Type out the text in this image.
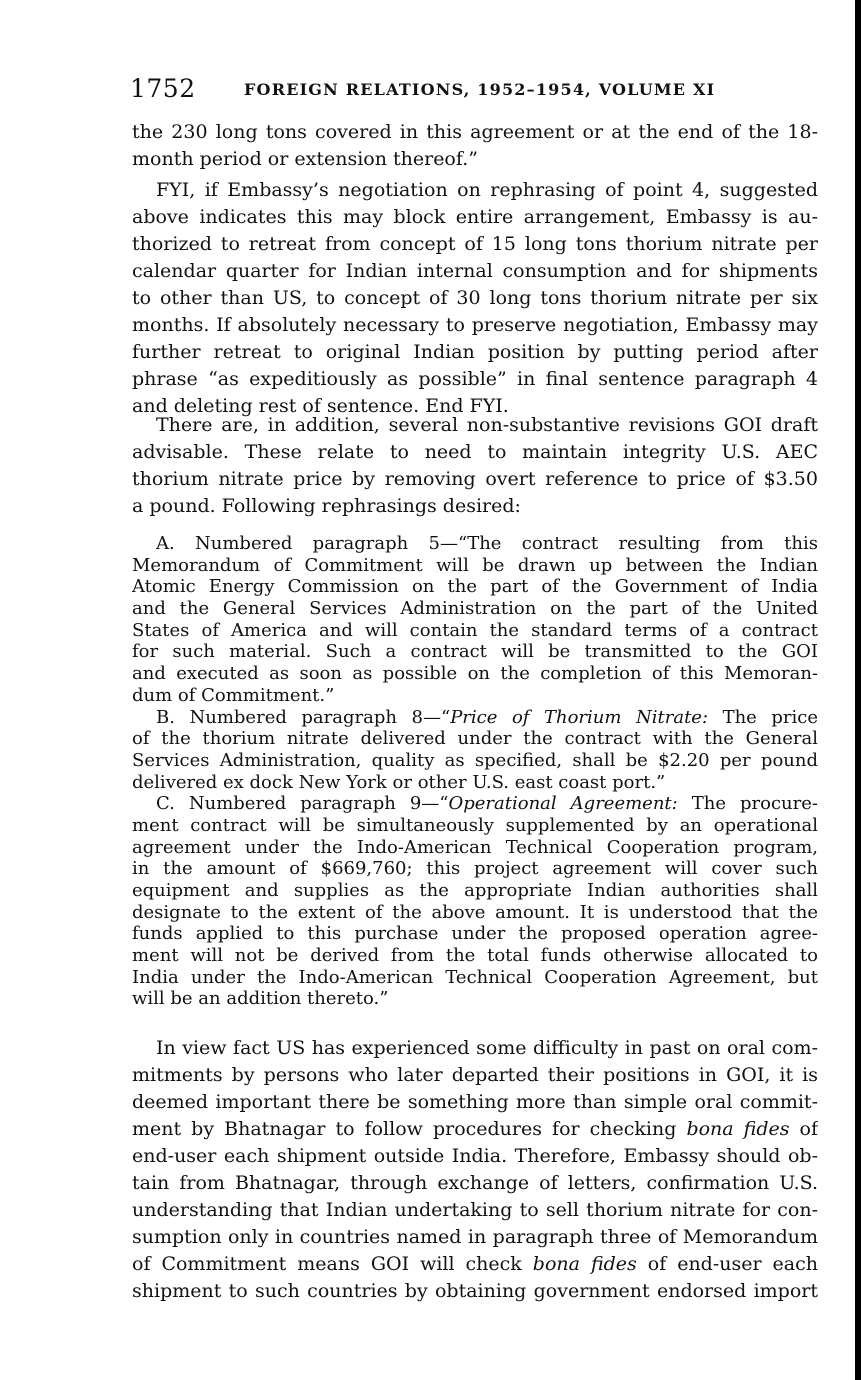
1752	FOREIGN RELATIONS, 1952–1954, VOLUME XI
the 230 long tons covered in this agreement or at the end of the 18-
month period or extension thereof.”
FYI, if Embassy’s negotiation on rephrasing of point 4, suggested
above indicates this may block entire arrangement, Embassy is au-
thorized to retreat from concept of 15 long tons thorium nitrate per
calendar quarter for Indian internal consumption and for shipments
to other than US, to concept of 30 long tons thorium nitrate per six
months. If absolutely necessary to preserve negotiation, Embassy may
further retreat to original Indian position by putting period after
phrase “as expeditiously as possible” in final sentence paragraph 4
and deleting rest of sentence. End FYI.
There are, in addition, several non-substantive revisions GOI draft
advisable. These relate to need to maintain integrity U.S. AEC
thorium nitrate price by removing overt reference to price of $3.50
a pound. Following rephrasings desired:
A. Numbered paragraph 5—“The contract resulting from this
Memorandum of Commitment will be drawn up between the Indian
Atomic Energy Commission on the part of the Government of India
and the General Services Administration on the part of the United
States of America and will contain the standard terms of a contract
for such material. Such a contract will be transmitted to the GOI
and executed as soon as possible on the completion of this Memoran-
dum of Commitment.”
B. Numbered paragraph 8—“Price of Thorium Nitrate: The price
of the thorium nitrate delivered under the contract with the General
Services Administration, quality as specified, shall be $2.20 per pound
delivered ex dock New York or other U.S. east coast port.”
C. Numbered paragraph 9—“Operational Agreement: The procure-
ment contract will be simultaneously supplemented by an operational
agreement under the Indo-American Technical Cooperation program,
in the amount of $669,760; this project agreement will cover such
equipment and supplies as the appropriate Indian authorities shall
designate to the extent of the above amount. It is understood that the
funds applied to this purchase under the proposed operation agree-
ment will not be derived from the total funds otherwise allocated to
India under the Indo-American Technical Cooperation Agreement, but
will be an addition thereto.”
In view fact US has experienced some difficulty in past on oral com-
mitments by persons who later departed their positions in GOI, it is
deemed important there be something more than simple oral commit-
ment by Bhatnagar to follow procedures for checking bona fides of
end-user each shipment outside India. Therefore, Embassy should ob-
tain from Bhatnagar, through exchange of letters, confirmation U.S.
understanding that Indian undertaking to sell thorium nitrate for con-
sumption only in countries named in paragraph three of Memorandum
of Commitment means GOI will check bona fides of end-user each
shipment to such countries by obtaining government endorsed import
